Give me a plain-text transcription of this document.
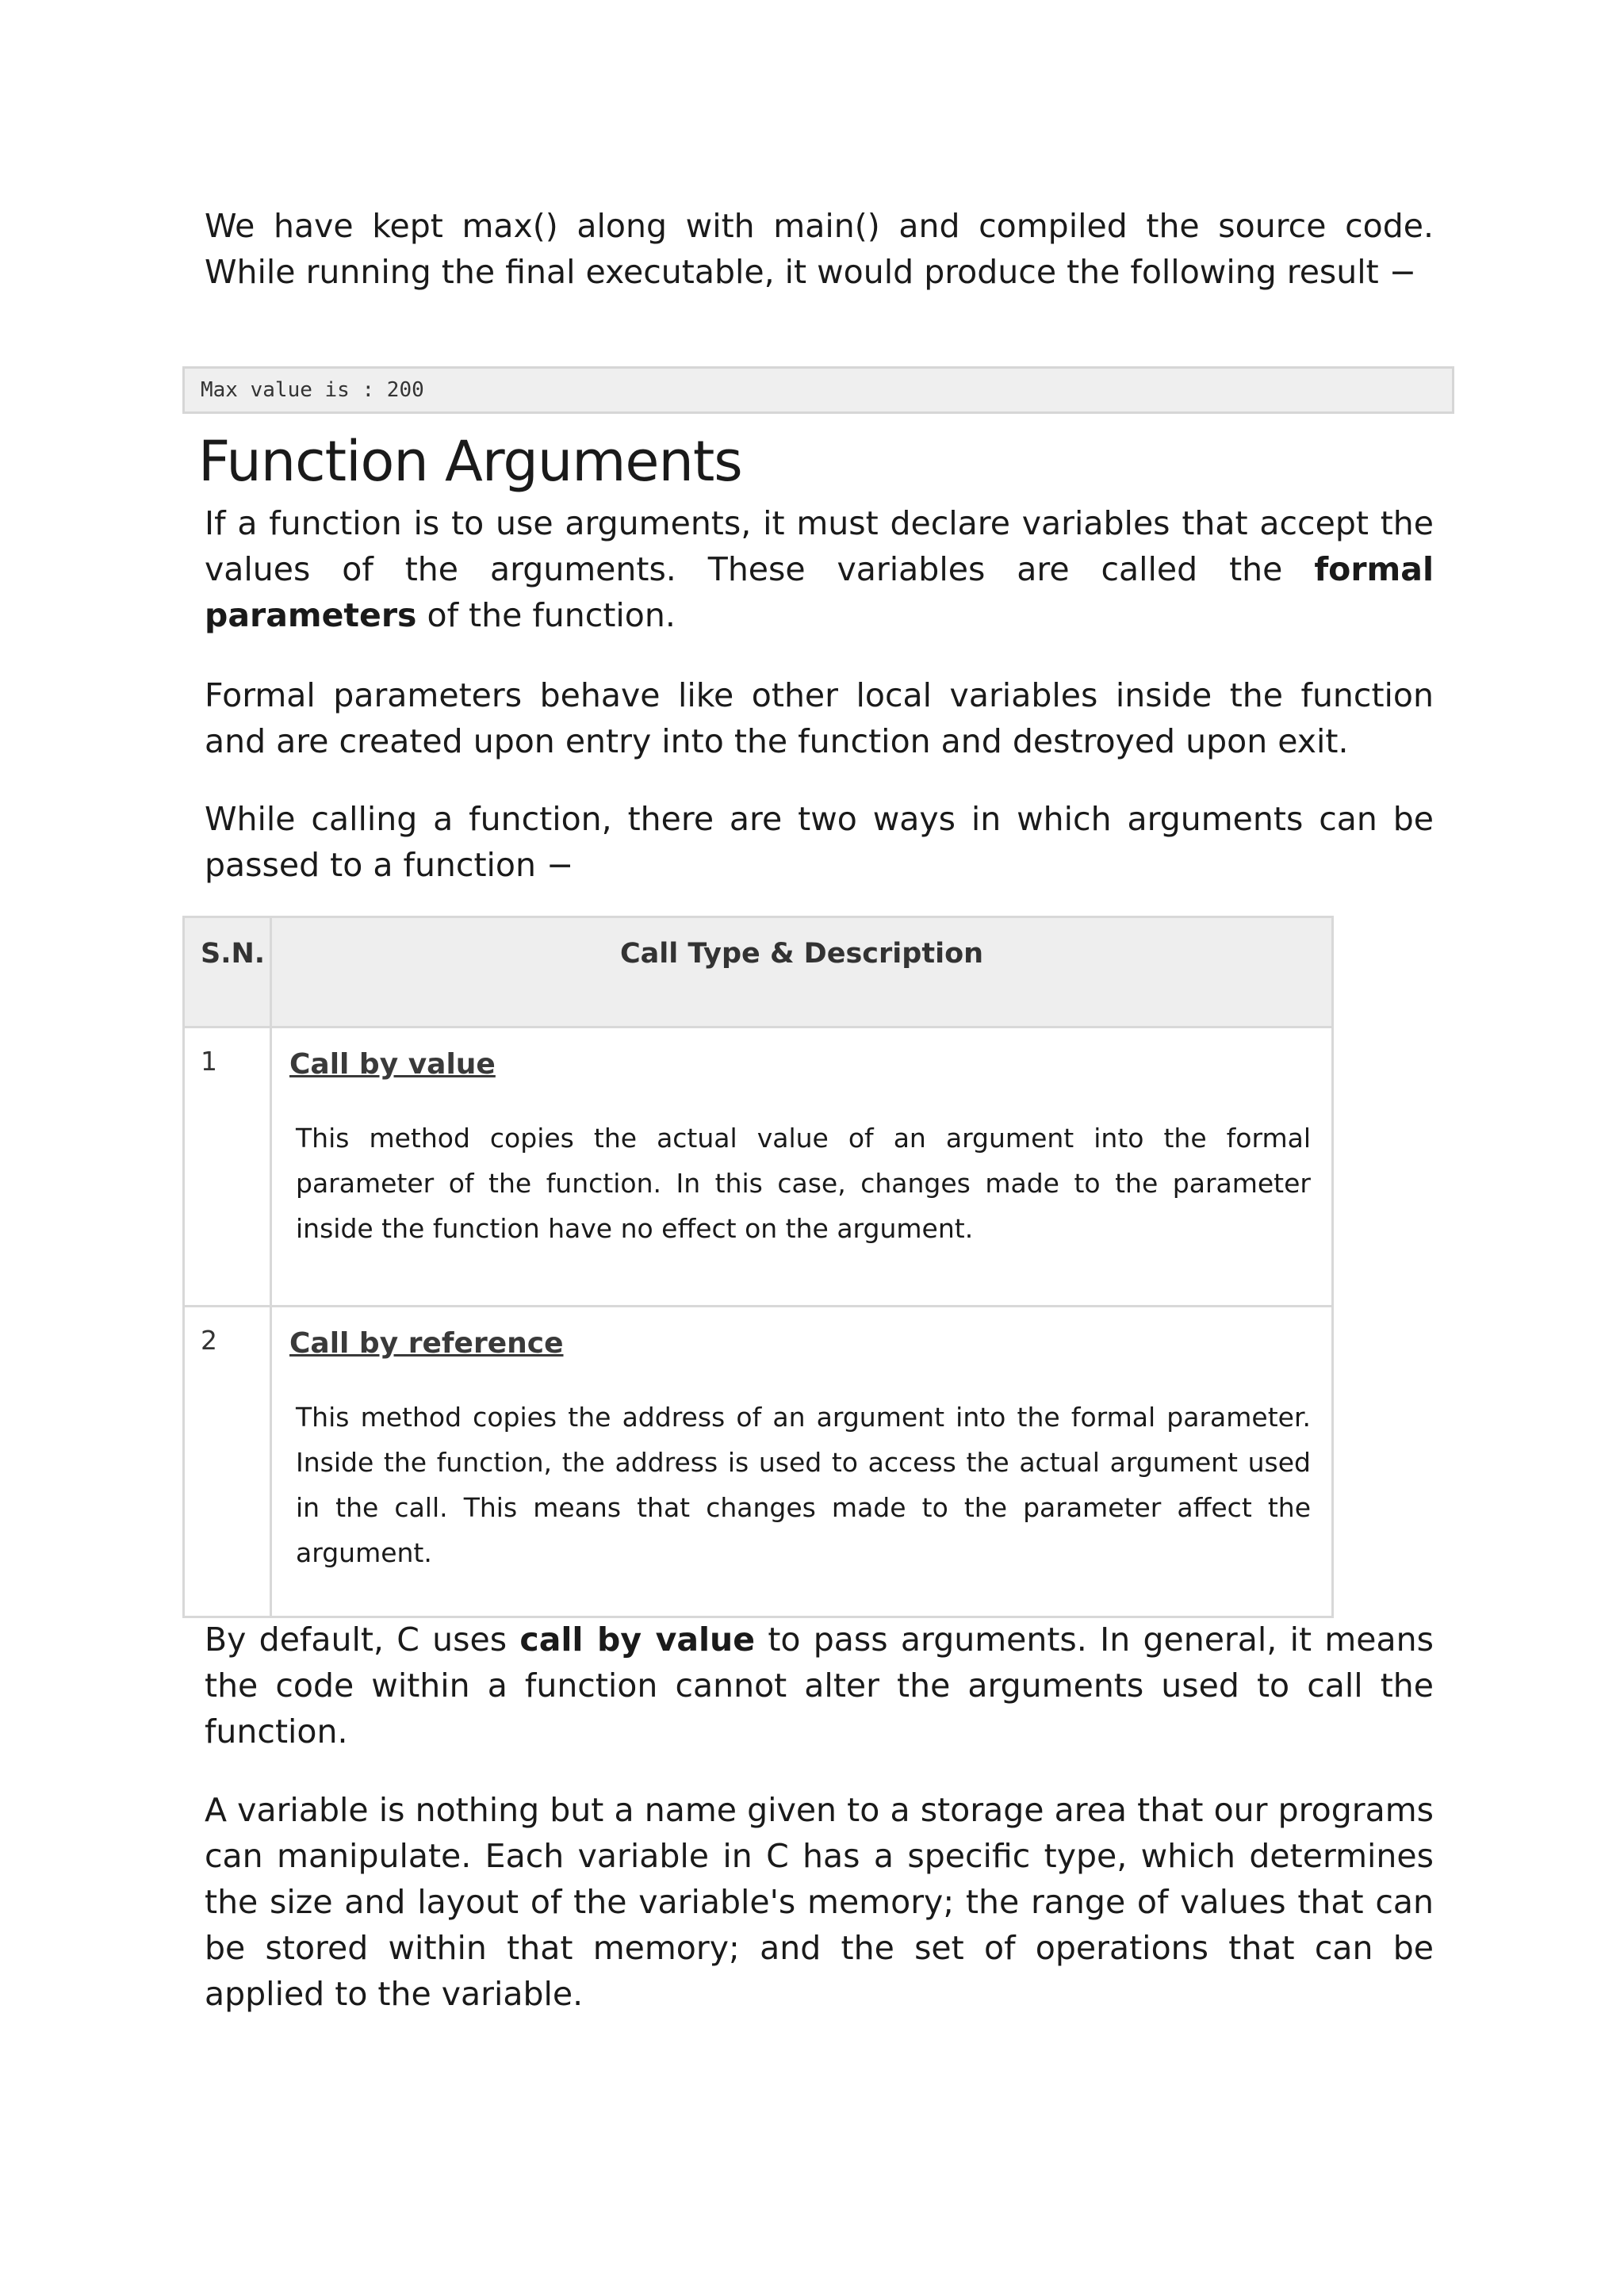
We have kept max() along with main() and compiled the source code. While running the final executable, it would produce the following result −

Max value is : 200
Function Arguments

If a function is to use arguments, it must declare variables that accept the values of the arguments. These variables are called the formal parameters of the function.

Formal parameters behave like other local variables inside the function and are created upon entry into the function and destroyed upon exit.

While calling a function, there are two ways in which arguments can be passed to a function −

S.N.	Call Type & Description
1	Call by value

This method copies the actual value of an argument into the formal parameter of the function. In this case, changes made to the parameter inside the function have no effect on the argument.

2	Call by reference

This method copies the address of an argument into the formal parameter. Inside the function, the address is used to access the actual argument used in the call. This means that changes made to the parameter affect the argument.

By default, C uses call by value to pass arguments. In general, it means the code within a function cannot alter the arguments used to call the function.

A variable is nothing but a name given to a storage area that our programs can manipulate. Each variable in C has a specific type, which determines the size and layout of the variable's memory; the range of values that can be stored within that memory; and the set of operations that can be applied to the variable.
